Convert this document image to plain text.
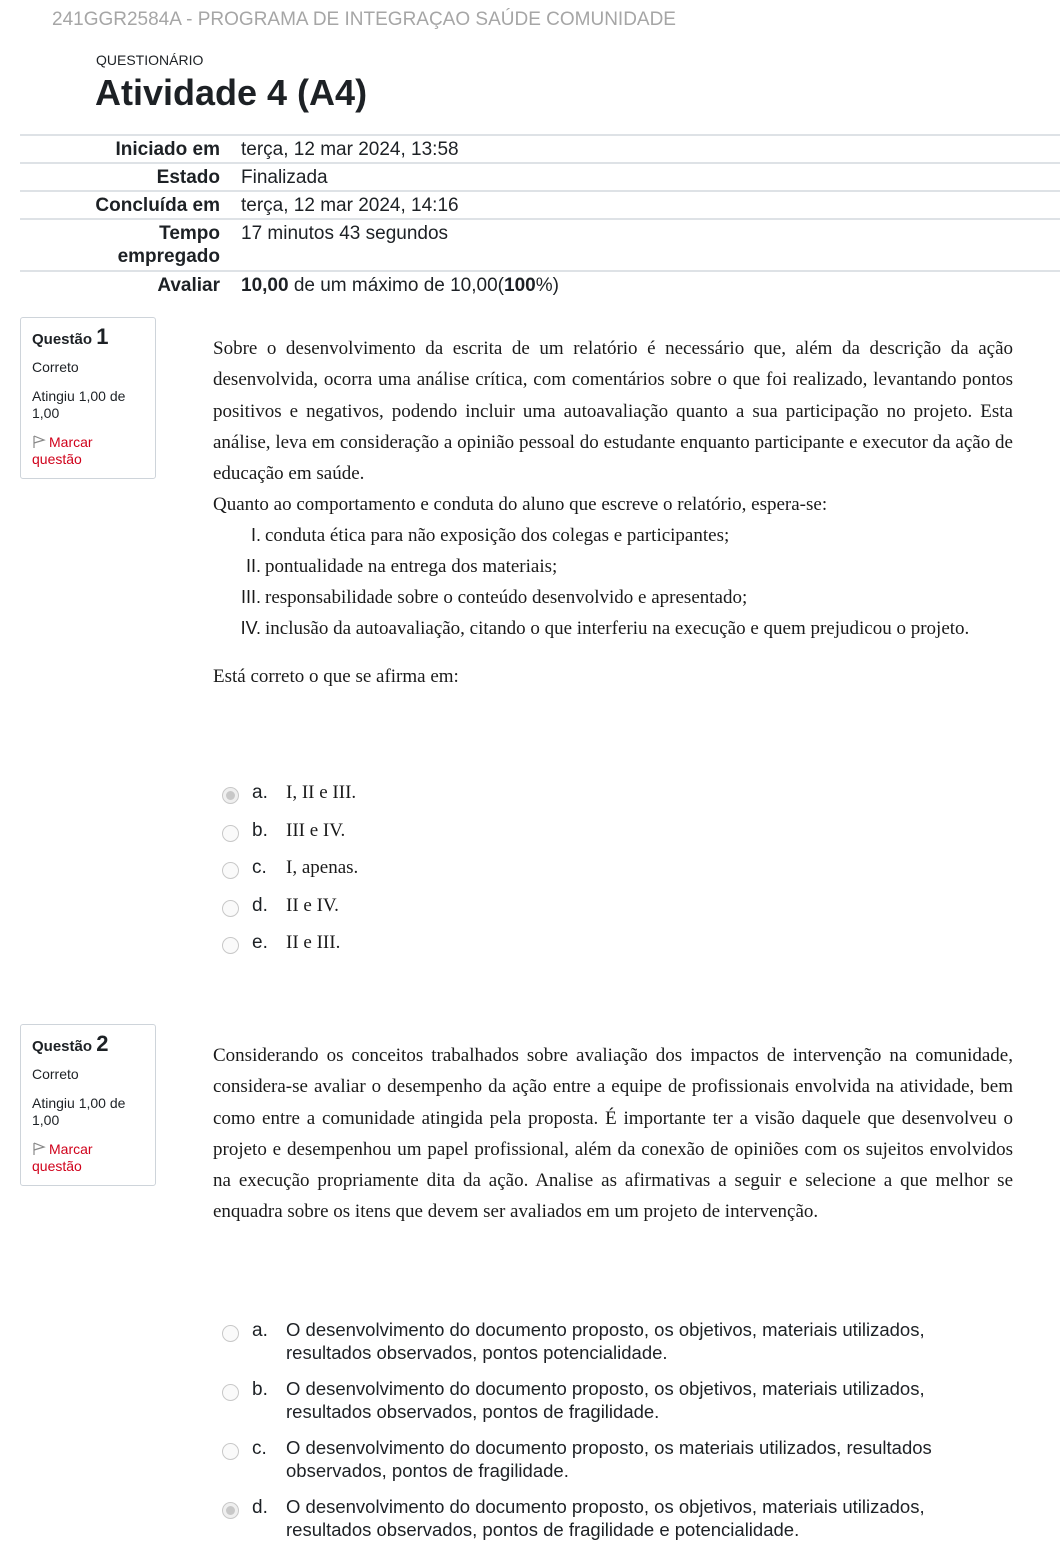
241GGR2584A - PROGRAMA DE INTEGRAÇAO SAÚDE COMUNIDADE
QUESTIONÁRIO
Atividade 4 (A4)
Iniciado em	terça, 12 mar 2024, 13:58
Estado	Finalizada
Concluída em	terça, 12 mar 2024, 14:16
Tempo
empregado	17 minutos 43 segundos
Avaliar	10,00 de um máximo de 10,00(100%)
Questão 1
Correto
Atingiu 1,00 de 1,00
Marcar questão

Sobre o desenvolvimento da escrita de um relatório é necessário que, além da descrição da ação desenvolvida, ocorra uma análise crítica, com comentários sobre o que foi realizado, levantando pontos positivos e negativos, podendo incluir uma autoavaliação quanto a sua participação no projeto. Esta análise, leva em consideração a opinião pessoal do estudante enquanto participante e executor da ação de educação em saúde.

Quanto ao comportamento e conduta do aluno que escreve o relatório, espera-se:

I. conduta ética para não exposição dos colegas e participantes;
II. pontualidade na entrega dos materiais;
III. responsabilidade sobre o conteúdo desenvolvido e apresentado;
IV. inclusão da autoavaliação, citando o que interferiu na execução e quem prejudicou o projeto.

Está correto o que se afirma em:

a. I, II e III.
b. III e IV.
c.	I, apenas.
d. II e IV.
e. II e III.
Questão 2
Correto
Atingiu 1,00 de 1,00
Marcar questão

Considerando os conceitos trabalhados sobre avaliação dos impactos de intervenção na comunidade, considera-se avaliar o desempenho da ação entre a equipe de profissionais envolvida na atividade, bem como entre a comunidade atingida pela proposta. É importante ter a visão daquele que desenvolveu o projeto e desempenhou um papel profissional, além da conexão de opiniões com os sujeitos envolvidos na execução propriamente dita da ação. Analise as afirmativas a seguir e selecione a que melhor se enquadra sobre os itens que devem ser avaliados em um projeto de intervenção.

a. O desenvolvimento do documento proposto, os objetivos, materiais utilizados, resultados observados, pontos potencialidade.
b. O desenvolvimento do documento proposto, os objetivos, materiais utilizados, resultados observados, pontos de fragilidade.
c.	O desenvolvimento do documento proposto, os materiais utilizados, resultados observados, pontos de fragilidade.
d. O desenvolvimento do documento proposto, os objetivos, materiais utilizados, resultados observados, pontos de fragilidade e potencialidade.
